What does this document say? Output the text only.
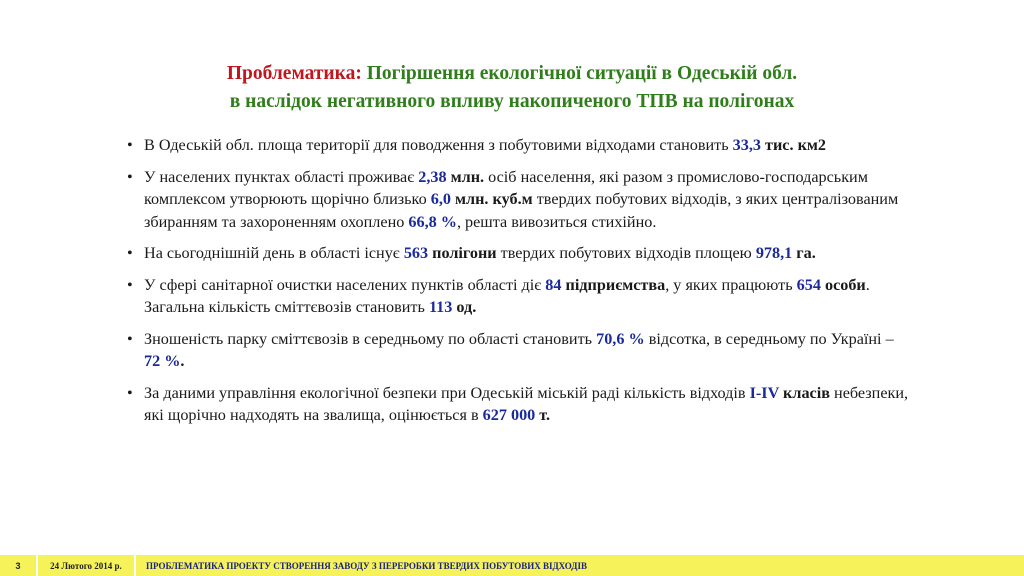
Проблематика: Погіршення екологічної ситуації в Одеській обл.
в наслідок негативного впливу накопиченого ТПВ на полігонах
• В Одеській обл. площа території для поводження з побутовими відходами становить 33,3 тис. км2
• У населених пунктах області проживає 2,38 млн. осіб населення, які разом з промислово-господарським комплексом утворюють щорічно близько 6,0 млн. куб.м твердих побутових відходів, з яких централізованим збиранням та захороненням охоплено 66,8 %, решта вивозиться стихійно.
• На сьогоднішній день в області існує 563 полігони твердих побутових відходів площею 978,1 га.
• У сфері санітарної очистки населених пунктів області діє 84 підприємства, у яких працюють 654 особи. Загальна кількість сміттєвозів становить 113 од.
• Зношеність парку сміттєвозів в середньому по області становить 70,6 % відсотка, в середньому по Україні – 72 %.
• За даними управління екологічної безпеки при Одеській міській раді кількість відходів I-IV класів небезпеки, які щорічно надходять на звалища, оцінюється в 627 000 т.
3	24 Лютого 2014 р.	ПРОБЛЕМАТИКА ПРОЕКТУ СТВОРЕННЯ ЗАВОДУ З ПЕРЕРОБКИ ТВЕРДИХ ПОБУТОВИХ ВІДХОДІВ
